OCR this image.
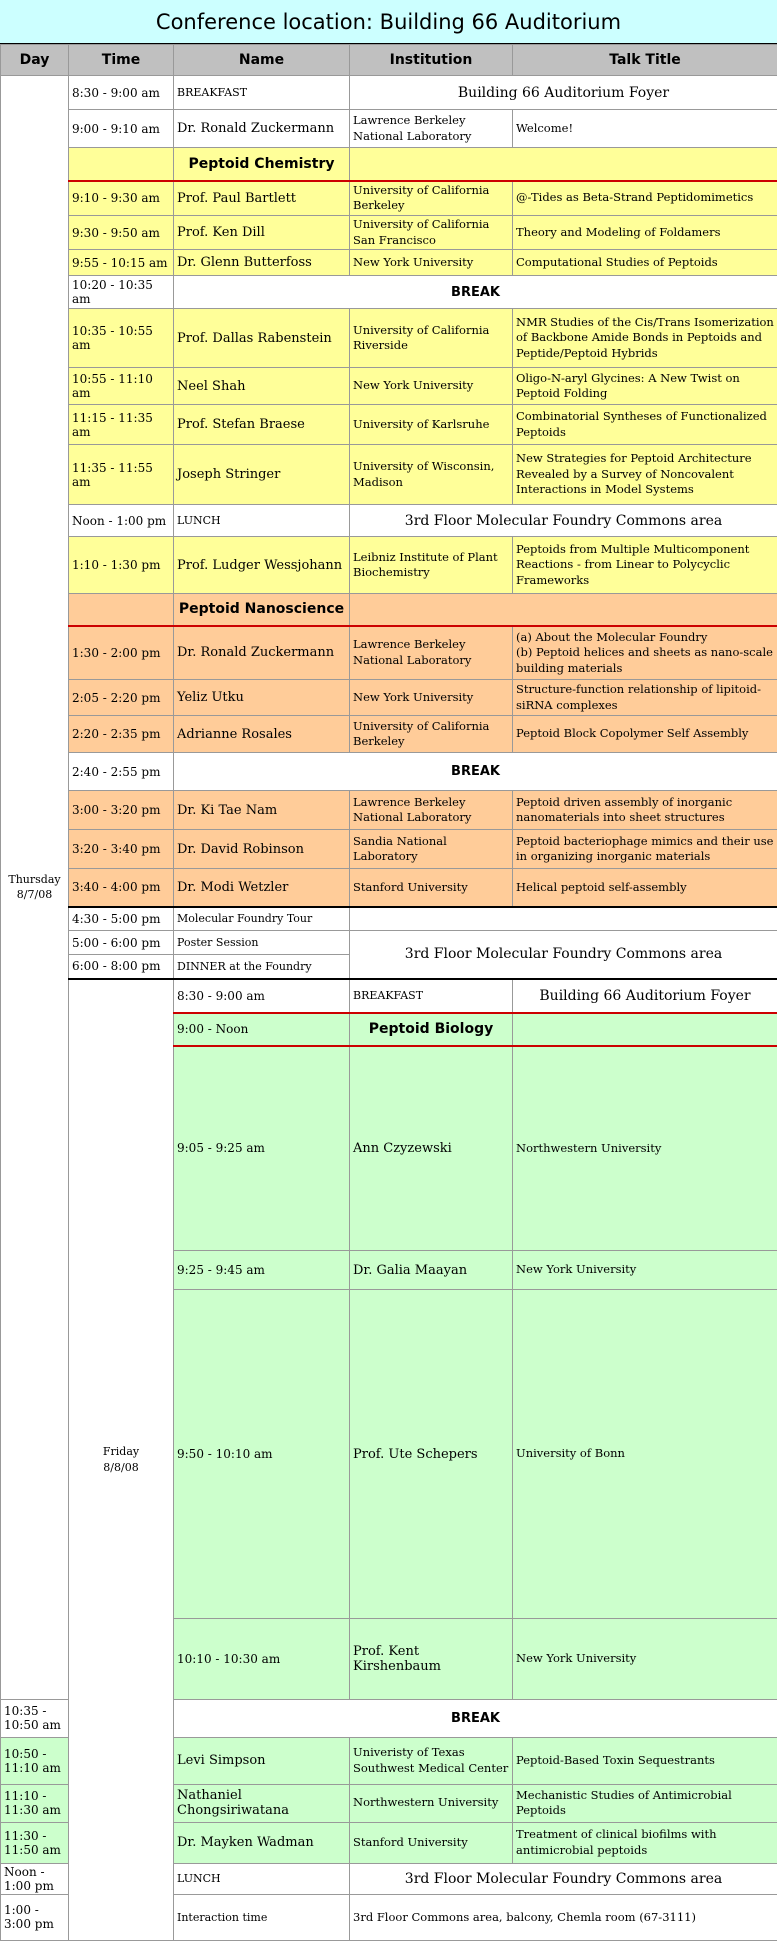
Conference location: Building 66 Auditorium
Day	Time	Name	Institution	Talk Title	

Thursday
8/7/08	8:30 - 9:00 am	BREAKFAST	Building 66 Auditorium Foyer		
	9:00 - 9:10 am	Dr. Ronald Zuckermann	Lawrence Berkeley National Laboratory	Welcome!	
		Peptoid Chemistry			
	9:10 - 9:30 am	Prof. Paul Bartlett	University of California Berkeley	@-Tides as Beta-Strand Peptidomimetics	
	9:30 - 9:50 am	Prof. Ken Dill	University of California San Francisco	Theory and Modeling of Foldamers	
	9:55 - 10:15 am	Dr. Glenn Butterfoss	New York University	Computational Studies of Peptoids	
	10:20 - 10:35 am	BREAK			
	10:35 - 10:55 am	Prof. Dallas Rabenstein	University of California Riverside	NMR Studies of the Cis/Trans Isomerization of Backbone Amide Bonds in Peptoids and Peptide/Peptoid Hybrids	
	10:55 - 11:10 am	Neel Shah	New York University	Oligo-N-aryl Glycines: A New Twist on Peptoid Folding	
	11:15 - 11:35 am	Prof. Stefan Braese	University of Karlsruhe	Combinatorial Syntheses of Functionalized Peptoids	
	11:35 - 11:55 am	Joseph Stringer	University of Wisconsin, Madison	New Strategies for Peptoid Architecture Revealed by a Survey of Noncovalent Interactions in Model Systems	
	Noon - 1:00 pm	LUNCH	3rd Floor Molecular Foundry Commons area		
	1:10 - 1:30 pm	Prof. Ludger Wessjohann	Leibniz Institute of Plant Biochemistry	Peptoids from Multiple Multicomponent Reactions - from Linear to Polycyclic Frameworks	
		Peptoid Nanoscience			
	1:30 - 2:00 pm	Dr. Ronald Zuckermann	Lawrence Berkeley National Laboratory	(a) About the Molecular Foundry
(b) Peptoid helices and sheets as nano-scale building materials	

	2:05 - 2:20 pm	Yeliz Utku	New York University	Structure-function relationship of lipitoid-siRNA complexes	
	2:20 - 2:35 pm	Adrianne Rosales	University of California Berkeley	Peptoid Block Copolymer Self Assembly	
	2:40 - 2:55 pm	BREAK			
	3:00 - 3:20 pm	Dr. Ki Tae Nam	Lawrence Berkeley National Laboratory	Peptoid driven assembly of inorganic nanomaterials into sheet structures	
	3:20 - 3:40 pm	Dr. David Robinson	Sandia National Laboratory	Peptoid bacteriophage mimics and their use in organizing inorganic materials	
	3:40 - 4:00 pm	Dr. Modi Wetzler	Stanford University	Helical peptoid self-assembly	
	4:30 - 5:00 pm	Molecular Foundry Tour			
	5:00 - 6:00 pm	Poster Session	3rd Floor Molecular Foundry Commons area		
	6:00 - 8:00 pm	DINNER at the Foundry			

	Friday
8/8/08	8:30 - 9:00 am	BREAKFAST	Building 66 Auditorium Foyer	
		9:00 - Noon	Peptoid Biology		
		9:05 - 9:25 am	Ann Czyzewski	Northwestern University	
		9:25 - 9:45 am	Dr. Galia Maayan	New York University	
		9:50 - 10:10 am	Prof. Ute Schepers	University of Bonn	
		10:10 - 10:30 am	Prof. Kent Kirshenbaum	New York University	
10:35 - 10:50 am		BREAK			
10:50 - 11:10 am		Levi Simpson	Univeristy of Texas Southwest Medical Center	Peptoid-Based Toxin Sequestrants	
11:10 - 11:30 am		Nathaniel Chongsiriwatana	Northwestern University	Mechanistic Studies of Antimicrobial Peptoids	
11:30 - 11:50 am		Dr. Mayken Wadman	Stanford University	Treatment of clinical biofilms with antimicrobial peptoids	
Noon - 1:00 pm		LUNCH	3rd Floor Molecular Foundry Commons area		
1:00 - 3:00 pm		Interaction time	3rd Floor Commons area, balcony, Chemla room (67-3111)		
